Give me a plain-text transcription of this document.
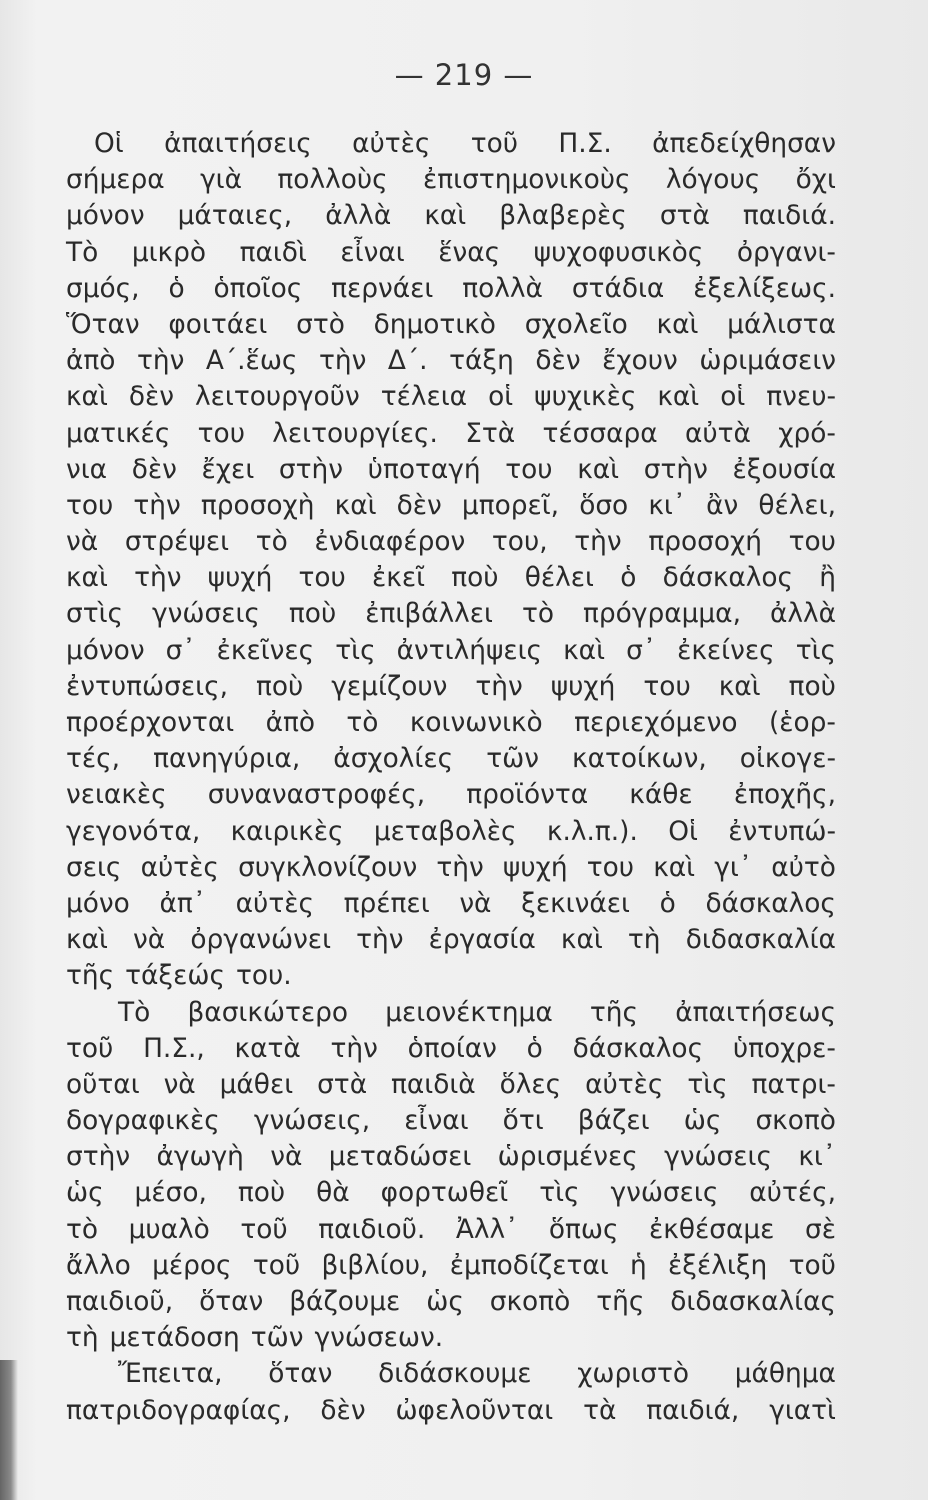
— 219 —
Οἱ ἀπαιτήσεις αὐτὲς τοῦ Π.Σ. ἀπεδείχθησαν
σήμερα γιὰ πολλοὺς ἐπιστημονικοὺς λόγους ὄχι
μόνον μάταιες, ἀλλὰ καὶ βλαβερὲς στὰ παιδιά.
Τὸ μικρὸ παιδὶ εἶναι ἕνας ψυχοφυσικὸς ὀργανι-
σμός, ὁ ὁποῖος περνάει πολλὰ στάδια ἐξελίξεως.
Ὅταν φοιτάει στὸ δημοτικὸ σχολεῖο καὶ μάλιστα
ἀπὸ τὴν Α΄.ἕως τὴν Δ΄. τάξη δὲν ἔχουν ὡριμάσειν
καὶ δὲν λειτουργοῦν τέλεια οἱ ψυχικὲς καὶ οἱ πνευ-
ματικές του λειτουργίες. Στὰ τέσσαρα αὐτὰ χρό-
νια δὲν ἔχει στὴν ὑποταγή του καὶ στὴν ἐξουσία
του τὴν προσοχὴ καὶ δὲν μπορεῖ, ὅσο κι᾿ ἂν θέλει,
νὰ στρέψει τὸ ἐνδιαφέρον του, τὴν προσοχή του
καὶ τὴν ψυχή του ἐκεῖ ποὺ θέλει ὁ δάσκαλος ἢ
στὶς γνώσεις ποὺ ἐπιβάλλει τὸ πρόγραμμα, ἀλλὰ
μόνον σ᾿ ἐκεῖνες τὶς ἀντιλήψεις καὶ σ᾿ ἐκείνες τὶς
ἐντυπώσεις, ποὺ γεμίζουν τὴν ψυχή του καὶ ποὺ
προέρχονται ἀπὸ τὸ κοινωνικὸ περιεχόμενο (ἑορ-
τές, πανηγύρια, ἀσχολίες τῶν κατοίκων, οἰκογε-
νειακὲς συναναστροφές, προϊόντα κάθε ἐποχῆς,
γεγονότα, καιρικὲς μεταβολὲς κ.λ.π.). Οἱ ἐντυπώ-
σεις αὐτὲς συγκλονίζουν τὴν ψυχή του καὶ γι᾿ αὐτὸ
μόνο ἀπ᾿ αὐτὲς πρέπει νὰ ξεκινάει ὁ δάσκαλος
καὶ νὰ ὀργανώνει τὴν ἐργασία καὶ τὴ διδασκαλία
τῆς τάξεώς του.
Τὸ βασικώτερο μειονέκτημα τῆς ἀπαιτήσεως
τοῦ Π.Σ., κατὰ τὴν ὁποίαν ὁ δάσκαλος ὑποχρε-
οῦται νὰ μάθει στὰ παιδιὰ ὅλες αὐτὲς τὶς πατρι-
δογραφικὲς γνώσεις, εἶναι ὅτι βάζει ὡς σκοπὸ
στὴν ἀγωγὴ νὰ μεταδώσει ὡρισμένες γνώσεις κι᾿
ὡς μέσο, ποὺ θὰ φορτωθεῖ τὶς γνώσεις αὐτές,
τὸ μυαλὸ τοῦ παιδιοῦ. Ἀλλ᾿ ὅπως ἐκθέσαμε σὲ
ἄλλο μέρος τοῦ βιβλίου, ἐμποδίζεται ἡ ἐξέλιξη τοῦ
παιδιοῦ, ὅταν βάζουμε ὡς σκοπὸ τῆς διδασκαλίας
τὴ μετάδοση τῶν γνώσεων.
Ἔπειτα, ὅταν διδάσκουμε χωριστὸ μάθημα
πατριδογραφίας, δὲν ὠφελοῦνται τὰ παιδιά, γιατὶ
